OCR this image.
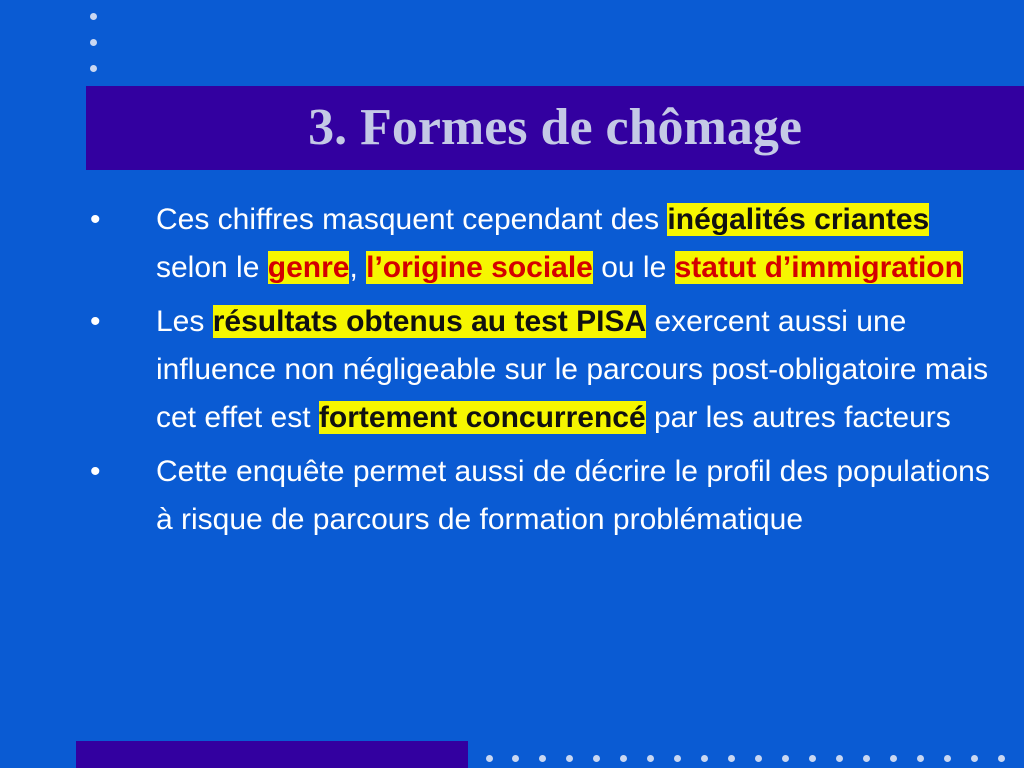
3. Formes de chômage
•	Ces chiffres masquent cependant des inégalités criantes selon le genre, l’origine sociale ou le statut d’immigration
•	Les résultats obtenus au test PISA exercent aussi une influence non négligeable sur le parcours post-obligatoire mais cet effet est fortement concurrencé par les autres facteurs
•	Cette enquête permet aussi de décrire le profil des populations à risque de parcours de formation problématique
